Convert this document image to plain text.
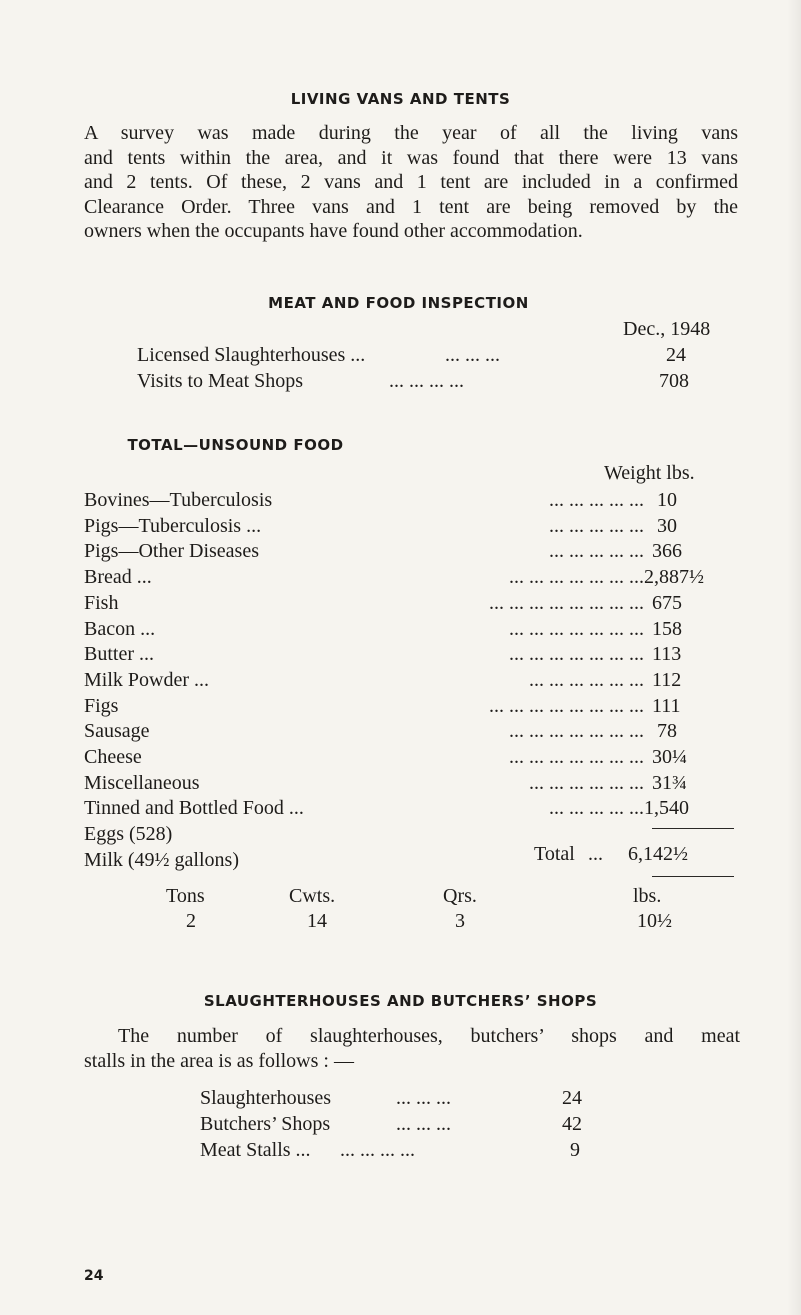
LIVING VANS AND TENTS
A survey was made during the year of all the living vans
and tents within the area, and it was found that there were 13 vans
and 2 tents. Of these, 2 vans and 1 tent are included in a confirmed
Clearance Order. Three vans and 1 tent are being removed by the
owners when the occupants have found other accommodation.
MEAT AND FOOD INSPECTION
Dec., 1948
Licensed Slaughterhouses ...	... ... ...	24
Visits to Meat Shops	... ... ... ...	708
TOTAL—UNSOUND FOOD
Weight lbs.
Bovines—Tuberculosis	... ... ... ... ... 10
Pigs—Tuberculosis ...	... ... ... ... ... 30
Pigs—Other Diseases	... ... ... ... ... 366
Bread ...	... ... ... ... ... ... ... 2,887½
Fish	... ... ... ... ... ... ... ... 675
Bacon ...	... ... ... ... ... ... ... 158
Butter ...	... ... ... ... ... ... ... 113
Milk Powder ...	... ... ... ... ... ... 112
Figs	... ... ... ... ... ... ... ... 111
Sausage	... ... ... ... ... ... ... 78
Cheese	... ... ... ... ... ... ... 30¼
Miscellaneous	... ... ... ... ... ... 31¾
Tinned and Bottled Food ...	... ... ... ... ... 1,540
Eggs (528)
Milk (49½ gallons)	Total ... 6,142½
Tons	Cwts.	Qrs.	lbs.
2	14	3	10½
SLAUGHTERHOUSES AND BUTCHERS’ SHOPS
The number of slaughterhouses, butchers’ shops and meat
stalls in the area is as follows : —
Slaughterhouses	... ... ...	24
Butchers’ Shops	... ... ...	42
Meat Stalls ... ... ... ... ...	9
24
